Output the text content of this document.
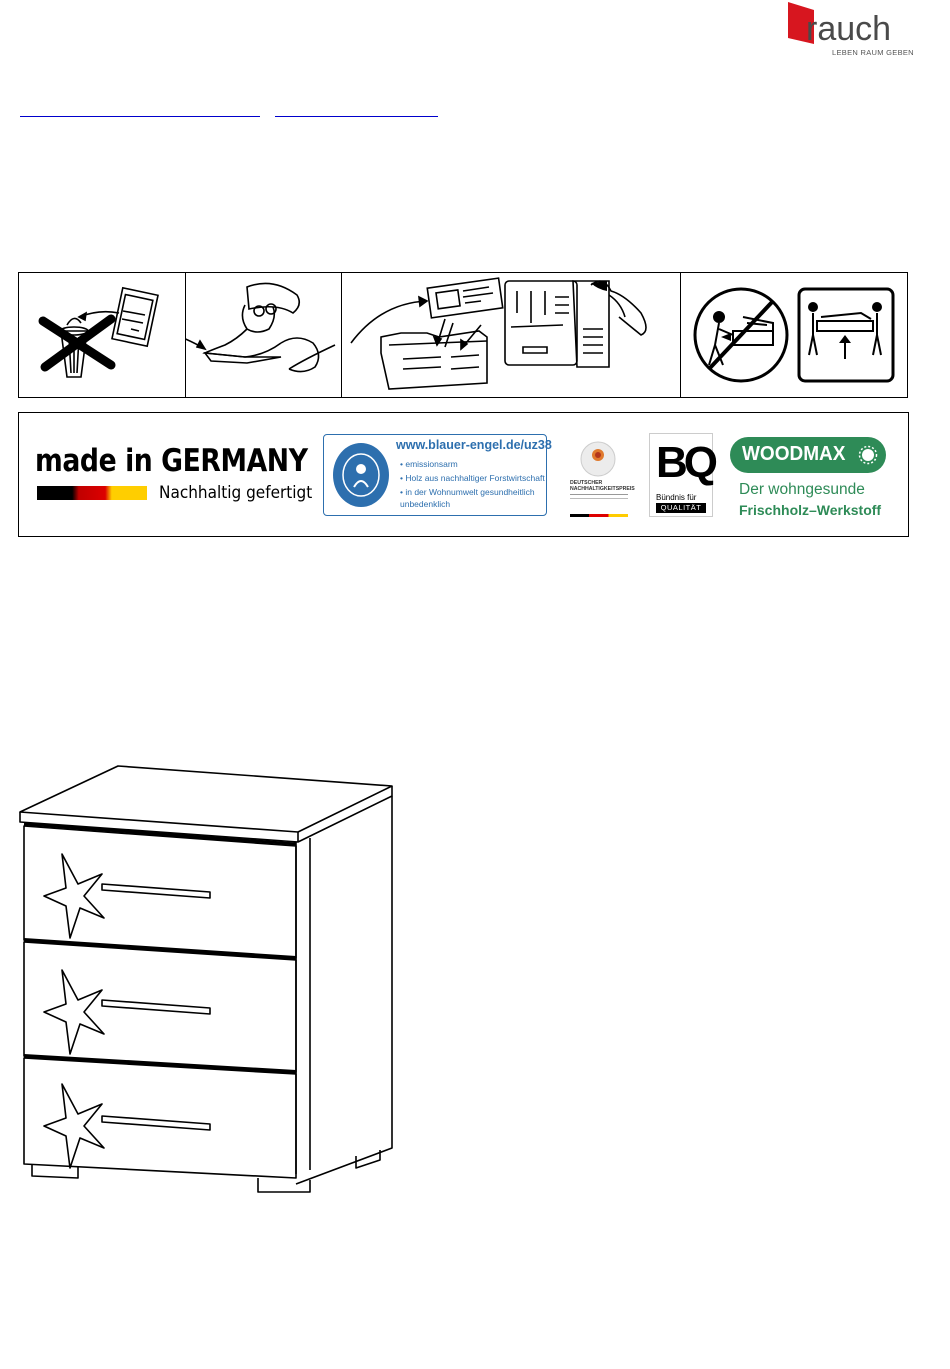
rauch
LEBEN RAUM GEBEN
made in GERMANY
Nachhaltig gefertigt
www.blauer-engel.de/uz38
• emissionsarm
• Holz aus nachhaltiger Forstwirtschaft
• in der Wohnumwelt gesundheitlich
unbedenklich
DEUTSCHER
NACHHALTIGKEITSPREIS
BQ
Bündnis für
QUALITÄT
WOODMAX
Der wohngesunde
Frischholz–Werkstoff
